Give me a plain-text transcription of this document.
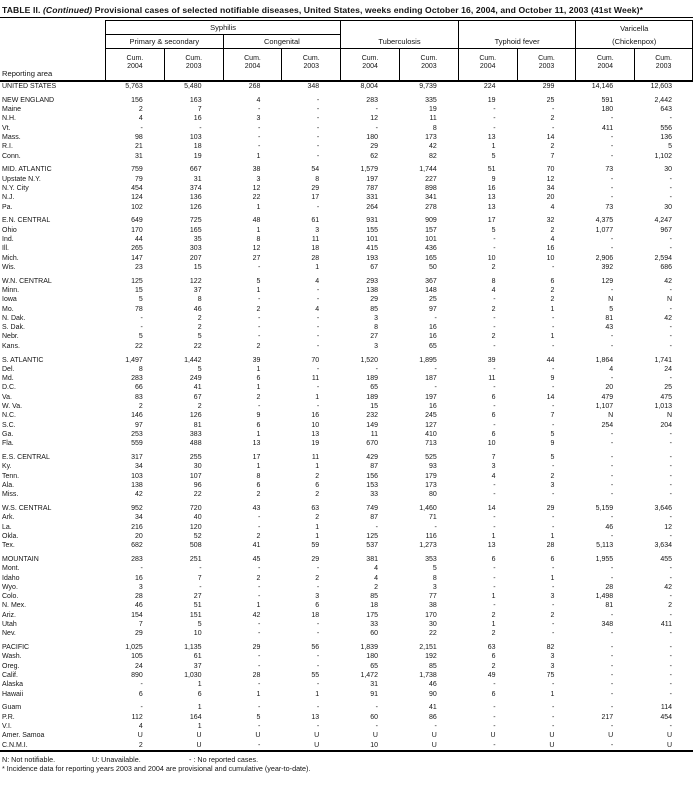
TABLE II. (Continued) Provisional cases of selected notifiable diseases, United States, weeks ending October 16, 2004, and October 11, 2003 (41st Week)*
Syphilis	Varicella
Primary & secondary	Congenital	Tuberculosis	Typhoid fever	(Chickenpox)
Reporting area
Cum.
2004
Cum.
2003
Cum.
2004
Cum.
2003
Cum.
2004
Cum.
2003
Cum.
2004
Cum.
2003
Cum.
2004
Cum.
2003
UNITED STATES	5,763	5,480	268	348	8,004	9,739	224	299	14,146	12,603

NEW ENGLAND	156	163	4	-	283	335	19	25	591	2,442
Maine	2	7	-	-	-	19	-	-	180	643
N.H.	4	16	3	-	12	11	-	2	-	-
Vt.	-	-	-	-	-	8	-	-	411	556
Mass.	98	103	-	-	180	173	13	14	-	136
R.I.	21	18	-	-	29	42	1	2	-	5
Conn.	31	19	1	-	62	82	5	7	-	1,102

MID. ATLANTIC	759	667	38	54	1,579	1,744	51	70	73	30
Upstate N.Y.	79	31	3	8	197	227	9	12	-	-
N.Y. City	454	374	12	29	787	898	16	34	-	-
N.J.	124	136	22	17	331	341	13	20	-	-
Pa.	102	126	1	-	264	278	13	4	73	30

E.N. CENTRAL	649	725	48	61	931	909	17	32	4,375	4,247
Ohio	170	165	1	3	155	157	5	2	1,077	967
Ind.	44	35	8	11	101	101	-	4	-	-
Ill.	265	303	12	18	415	436	-	16	-	-
Mich.	147	207	27	28	193	165	10	10	2,906	2,594
Wis.	23	15	-	1	67	50	2	-	392	686

W.N. CENTRAL	125	122	5	4	293	367	8	6	129	42
Minn.	15	37	1	-	138	148	4	2	-	-
Iowa	5	8	-	-	29	25	-	2	N	N
Mo.	78	46	2	4	85	97	2	1	5	-
N. Dak.	-	2	-	-	3	-	-	-	81	42
S. Dak.	-	2	-	-	8	16	-	-	43	-
Nebr.	5	5	-	-	27	16	2	1	-	-
Kans.	22	22	2	-	3	65	-	-	-	-

S. ATLANTIC	1,497	1,442	39	70	1,520	1,895	39	44	1,864	1,741
Del.	8	5	1	-	-	-	-	-	4	24
Md.	283	249	6	11	189	187	11	9	-	-
D.C.	66	41	1	-	65	-	-	-	20	25
Va.	83	67	2	1	189	197	6	14	479	475
W. Va.	2	2	-	-	15	16	-	-	1,107	1,013
N.C.	146	126	9	16	232	245	6	7	N	N
S.C.	97	81	6	10	149	127	-	-	254	204
Ga.	253	383	1	13	11	410	6	5	-	-
Fla.	559	488	13	19	670	713	10	9	-	-

E.S. CENTRAL	317	255	17	11	429	525	7	5	-	-
Ky.	34	30	1	1	87	93	3	-	-	-
Tenn.	103	107	8	2	156	179	4	2	-	-
Ala.	138	96	6	6	153	173	-	3	-	-
Miss.	42	22	2	2	33	80	-	-	-	-

W.S. CENTRAL	952	720	43	63	749	1,460	14	29	5,159	3,646
Ark.	34	40	-	2	87	71	-	-	-	-
La.	216	120	-	1	-	-	-	-	46	12
Okla.	20	52	2	1	125	116	1	1	-	-
Tex.	682	508	41	59	537	1,273	13	28	5,113	3,634

MOUNTAIN	283	251	45	29	381	353	6	6	1,955	455
Mont.	-	-	-	-	4	5	-	-	-	-
Idaho	16	7	2	2	4	8	-	1	-	-
Wyo.	3	-	-	-	2	3	-	-	28	42
Colo.	28	27	-	3	85	77	1	3	1,498	-
N. Mex.	46	51	1	6	18	38	-	-	81	2
Ariz.	154	151	42	18	175	170	2	2	-	-
Utah	7	5	-	-	33	30	1	-	348	411
Nev.	29	10	-	-	60	22	2	-	-	-

PACIFIC	1,025	1,135	29	56	1,839	2,151	63	82	-	-
Wash.	105	61	-	-	180	192	6	3	-	-
Oreg.	24	37	-	-	65	85	2	3	-	-
Calif.	890	1,030	28	55	1,472	1,738	49	75	-	-
Alaska	-	1	-	-	31	46	-	-	-	-
Hawaii	6	6	1	1	91	90	6	1	-	-

Guam	-	1	-	-	-	41	-	-	-	114
P.R.	112	164	5	13	60	86	-	-	217	454
V.I.	4	1	-	-	-	-	-	-	-	-
Amer. Samoa	U	U	U	U	U	U	U	U	U	U
C.N.M.I.	2	U	-	U	10	U	-	U	-	U
N: Not notifiable.	U: Unavailable.	- : No reported cases.
* Incidence data for reporting years 2003 and 2004 are provisional and cumulative (year-to-date).
